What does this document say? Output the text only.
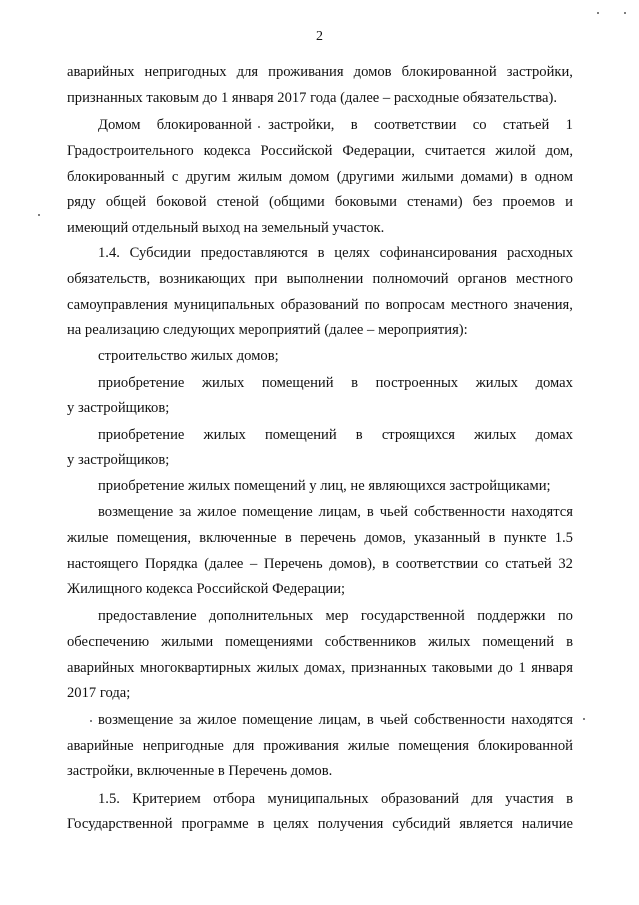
2
аварийных непригодных для проживания домов блокированной застройки,
признанных таковым до 1 января 2017 года (далее – расходные обязательства).
Домом блокированной застройки, в соответствии со статьей 1
Градостроительного кодекса Российской Федерации, считается жилой дом,
блокированный с другим жилым домом (другими жилыми домами) в одном
ряду общей боковой стеной (общими боковыми стенами) без проемов и
имеющий отдельный выход на земельный участок.
1.4. Субсидии предоставляются в целях софинансирования расходных
обязательств, возникающих при выполнении полномочий органов местного
самоуправления муниципальных образований по вопросам местного значения,
на реализацию следующих мероприятий (далее – мероприятия):
строительство жилых домов;
приобретение жилых помещений в построенных жилых домах
у застройщиков;
приобретение жилых помещений в строящихся жилых домах
у застройщиков;
приобретение жилых помещений у лиц, не являющихся застройщиками;
возмещение за жилое помещение лицам, в чьей собственности находятся
жилые помещения, включенные в перечень домов, указанный в пункте 1.5
настоящего Порядка (далее – Перечень домов), в соответствии со статьей 32
Жилищного кодекса Российской Федерации;
предоставление дополнительных мер государственной поддержки по
обеспечению жилыми помещениями собственников жилых помещений в
аварийных многоквартирных жилых домах, признанных таковыми до 1 января
2017 года;
возмещение за жилое помещение лицам, в чьей собственности находятся
аварийные непригодные для проживания жилые помещения блокированной
застройки, включенные в Перечень домов.
1.5. Критерием отбора муниципальных образований для участия в
Государственной программе в целях получения субсидий является наличие
